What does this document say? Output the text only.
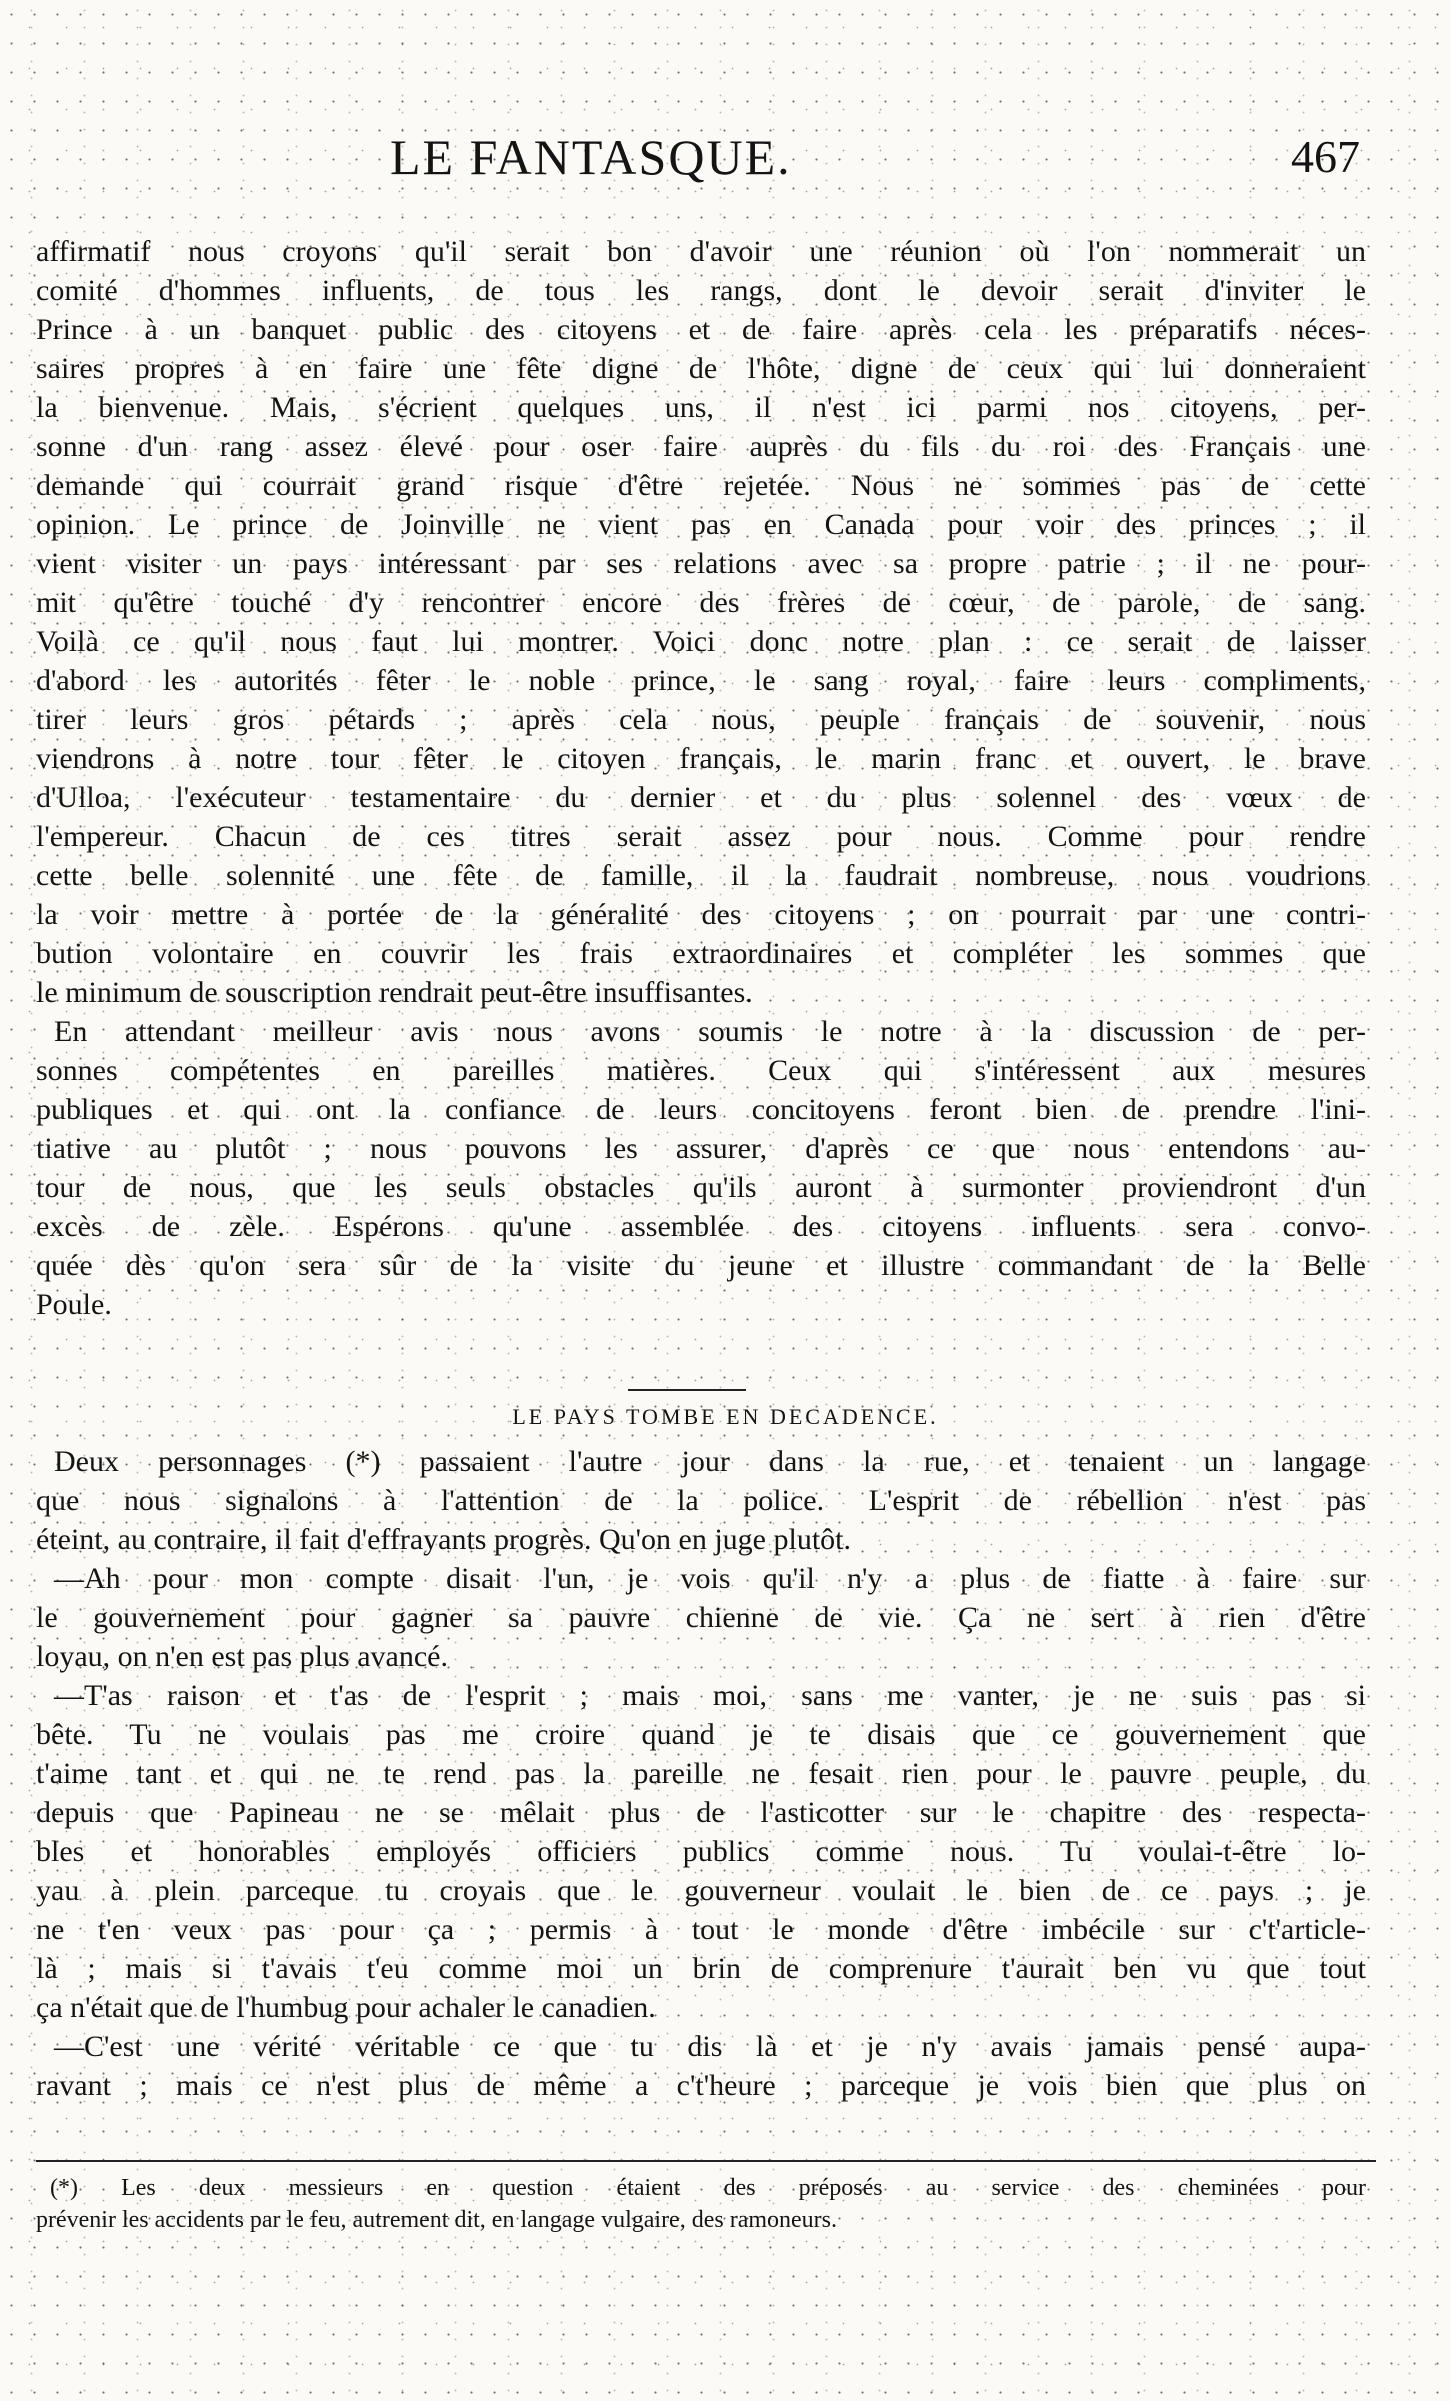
LE FANTASQUE.	467
affirmatif nous croyons qu'il serait bon d'avoir une réunion où l'on nommerait un
comité d'hommes influents, de tous les rangs, dont le devoir serait d'inviter le
Prince à un banquet public des citoyens et de faire après cela les préparatifs néces-
saires propres à en faire une fête digne de l'hôte, digne de ceux qui lui donneraient
la bienvenue. Mais, s'écrient quelques uns, il n'est ici parmi nos citoyens, per-
sonne d'un rang assez élevé pour oser faire auprès du fils du roi des Français une
demande qui courrait grand risque d'être rejetée. Nous ne sommes pas de cette
opinion. Le prince de Joinville ne vient pas en Canada pour voir des princes ; il
vient visiter un pays intéressant par ses relations avec sa propre patrie ; il ne pour-
mit qu'être touché d'y rencontrer encore des frères de cœur, de parole, de sang.
Voilà ce qu'il nous faut lui montrer. Voici donc notre plan : ce serait de laisser
d'abord les autorités fêter le noble prince, le sang royal, faire leurs compliments,
tirer leurs gros pétards ; après cela nous, peuple français de souvenir, nous
viendrons à notre tour fêter le citoyen français, le marin franc et ouvert, le brave
d'Ulloa, l'exécuteur testamentaire du dernier et du plus solennel des vœux de
l'empereur. Chacun de ces titres serait assez pour nous. Comme pour rendre
cette belle solennité une fête de famille, il la faudrait nombreuse, nous voudrions
la voir mettre à portée de la généralité des citoyens ; on pourrait par une contri-
bution volontaire en couvrir les frais extraordinaires et compléter les sommes que
le minimum de souscription rendrait peut-être insuffisantes.
En attendant meilleur avis nous avons soumis le notre à la discussion de per-
sonnes compétentes en pareilles matières. Ceux qui s'intéressent aux mesures
publiques et qui ont la confiance de leurs concitoyens feront bien de prendre l'ini-
tiative au plutôt ; nous pouvons les assurer, d'après ce que nous entendons au-
tour de nous, que les seuls obstacles qu'ils auront à surmonter proviendront d'un
excès de zèle. Espérons qu'une assemblée des citoyens influents sera convo-
quée dès qu'on sera sûr de la visite du jeune et illustre commandant de la Belle
Poule.
LE PAYS TOMBE EN DECADENCE.
Deux personnages (*) passaient l'autre jour dans la rue, et tenaient un langage
que nous signalons à l'attention de la police. L'esprit de rébellion n'est pas
éteint, au contraire, il fait d'effrayants progrès. Qu'on en juge plutôt.
—Ah pour mon compte disait l'un, je vois qu'il n'y a plus de fiatte à faire sur
le gouvernement pour gagner sa pauvre chienne de vie. Ça ne sert à rien d'être
loyau, on n'en est pas plus avancé.
—T'as raison et t'as de l'esprit ; mais moi, sans me vanter, je ne suis pas si
bête. Tu ne voulais pas me croire quand je te disais que ce gouvernement que
t'aime tant et qui ne te rend pas la pareille ne fesait rien pour le pauvre peuple, du
depuis que Papineau ne se mêlait plus de l'asticotter sur le chapitre des respecta-
bles et honorables employés officiers publics comme nous. Tu voulai-t-être lo-
yau à plein parceque tu croyais que le gouverneur voulait le bien de ce pays ; je
ne t'en veux pas pour ça ; permis à tout le monde d'être imbécile sur c't'article-
là ; mais si t'avais t'eu comme moi un brin de comprenure t'aurait ben vu que tout
ça n'était que de l'humbug pour achaler le canadien.
—C'est une vérité véritable ce que tu dis là et je n'y avais jamais pensé aupa-
ravant ; mais ce n'est plus de même a c't'heure ; parceque je vois bien que plus on
(*) Les deux messieurs en question étaient des préposés au service des cheminées pour
prévenir les accidents par le feu, autrement dit, en langage vulgaire, des ramoneurs.
